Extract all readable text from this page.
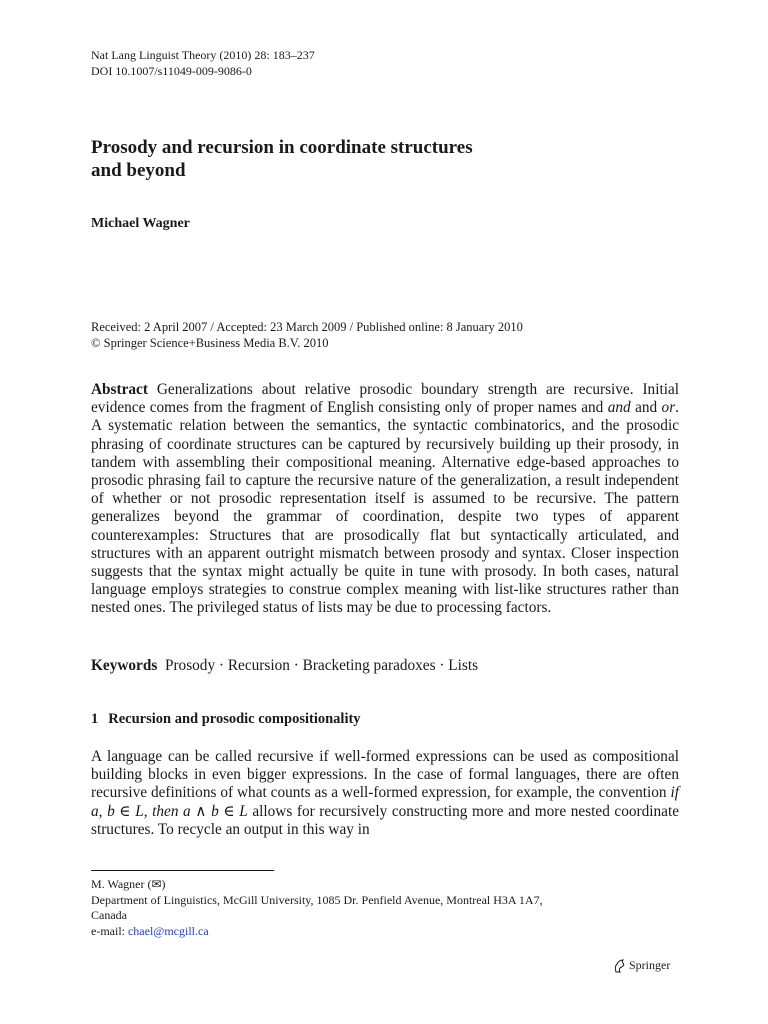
Nat Lang Linguist Theory (2010) 28: 183–237
DOI 10.1007/s11049-009-9086-0
Prosody and recursion in coordinate structures
and beyond
Michael Wagner
Received: 2 April 2007 / Accepted: 23 March 2009 / Published online: 8 January 2010
© Springer Science+Business Media B.V. 2010

Abstract Generalizations about relative prosodic boundary strength are recursive. Initial evidence comes from the fragment of English consisting only of proper names and and and or. A systematic relation between the semantics, the syntactic combinatorics, and the prosodic phrasing of coordinate structures can be captured by recursively building up their prosody, in tandem with assembling their compositional meaning. Alternative edge-based approaches to prosodic phrasing fail to capture the recursive nature of the generalization, a result independent of whether or not prosodic representation itself is assumed to be recursive. The pattern generalizes beyond the grammar of coordination, despite two types of apparent counterexamples: Structures that are prosodically flat but syntactically articulated, and structures with an apparent outright mismatch between prosody and syntax. Closer inspection suggests that the syntax might actually be quite in tune with prosody. In both cases, natural language employs strategies to construe complex meaning with list-like structures rather than nested ones. The privileged status of lists may be due to processing factors.

Keywords Prosody · Recursion · Bracketing paradoxes · Lists
1 Recursion and prosodic compositionality

A language can be called recursive if well-formed expressions can be used as compositional building blocks in even bigger expressions. In the case of formal languages, there are often recursive definitions of what counts as a well-formed expression, for example, the convention if a, b ∈ L, then a ∧ b ∈ L allows for recursively constructing more and more nested coordinate structures. To recycle an output in this way in

M. Wagner (✉)
Department of Linguistics, McGill University, 1085 Dr. Penfield Avenue, Montreal H3A 1A7,
Canada
e-mail: chael@mcgill.ca
Springer
